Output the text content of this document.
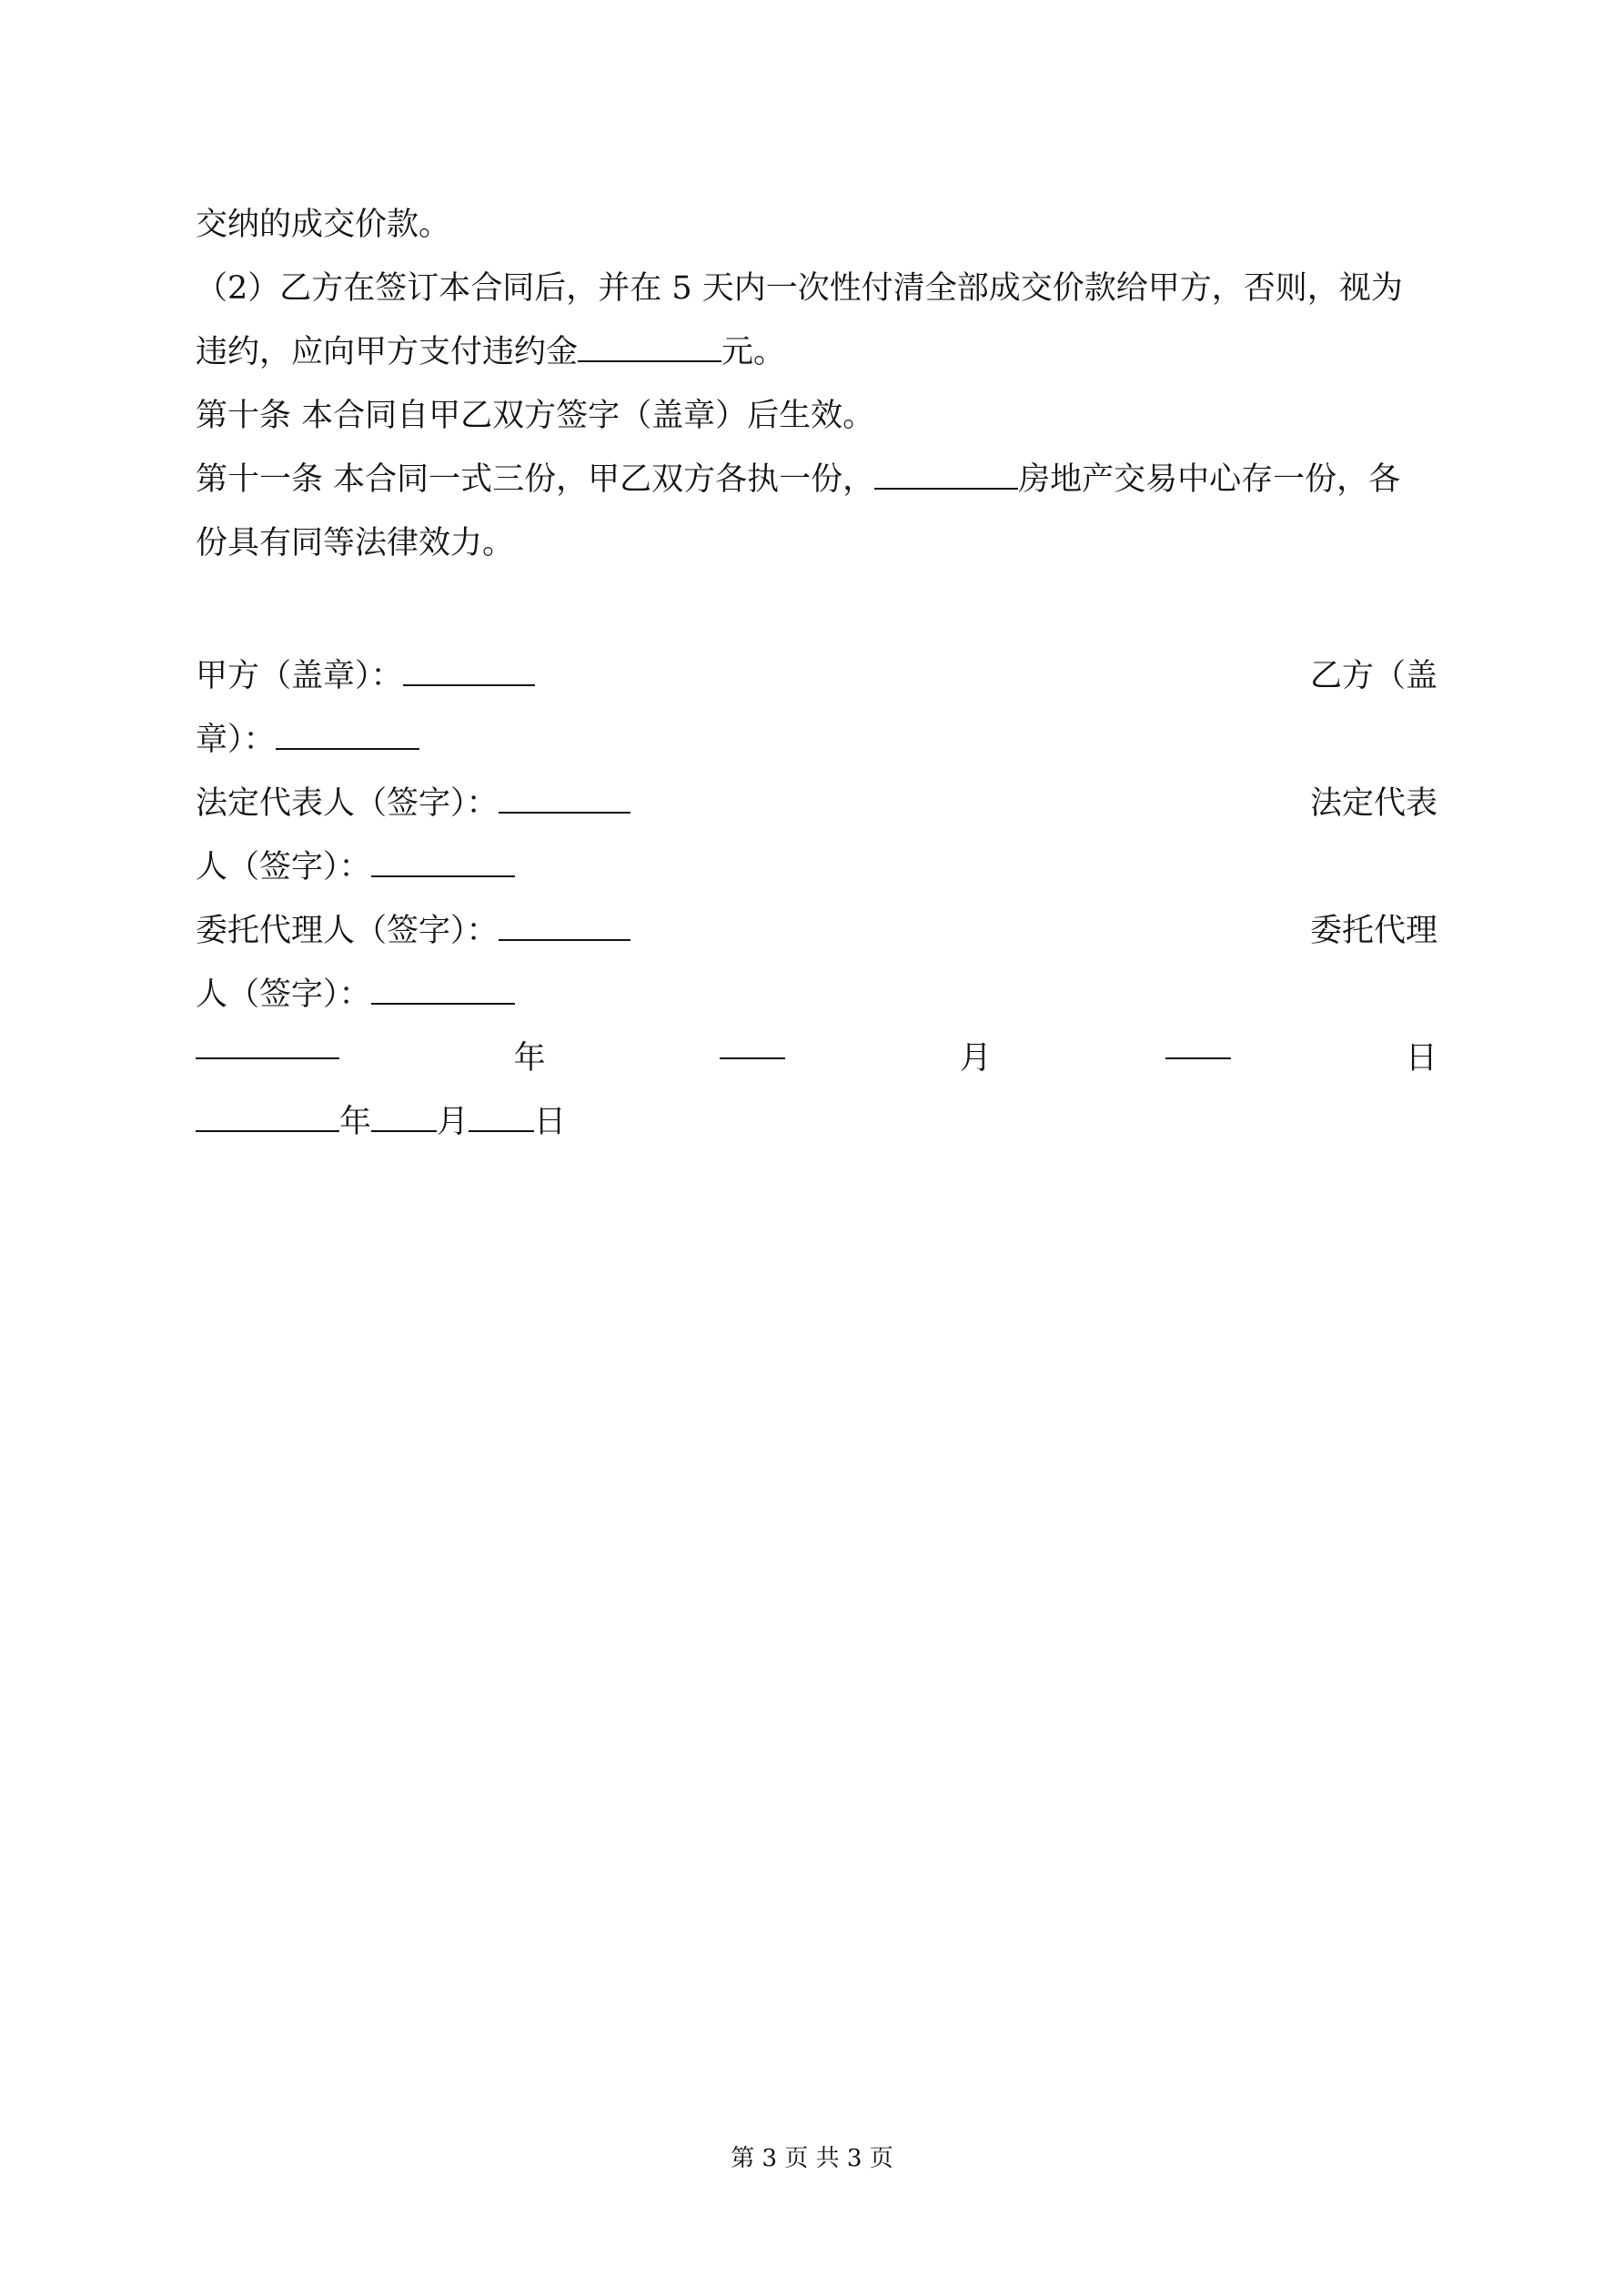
交纳的成交价款。
（2）乙方在签订本合同后，并在 5 天内一次性付清全部成交价款给甲方，否则，视为
违约，应向甲方支付违约金	元。
第十条 本合同自甲乙双方签字（盖章）后生效。
第十一条 本合同一式三份，甲乙双方各执一份，	房地产交易中心存一份，各
份具有同等法律效力。
甲方（盖章）：	乙方（盖
章）：
法定代表人（签字）：	法定代表
人（签字）：
委托代理人（签字）：	委托代理
人（签字）：
年	月	日
年 月 日
第 3 页 共 3 页
